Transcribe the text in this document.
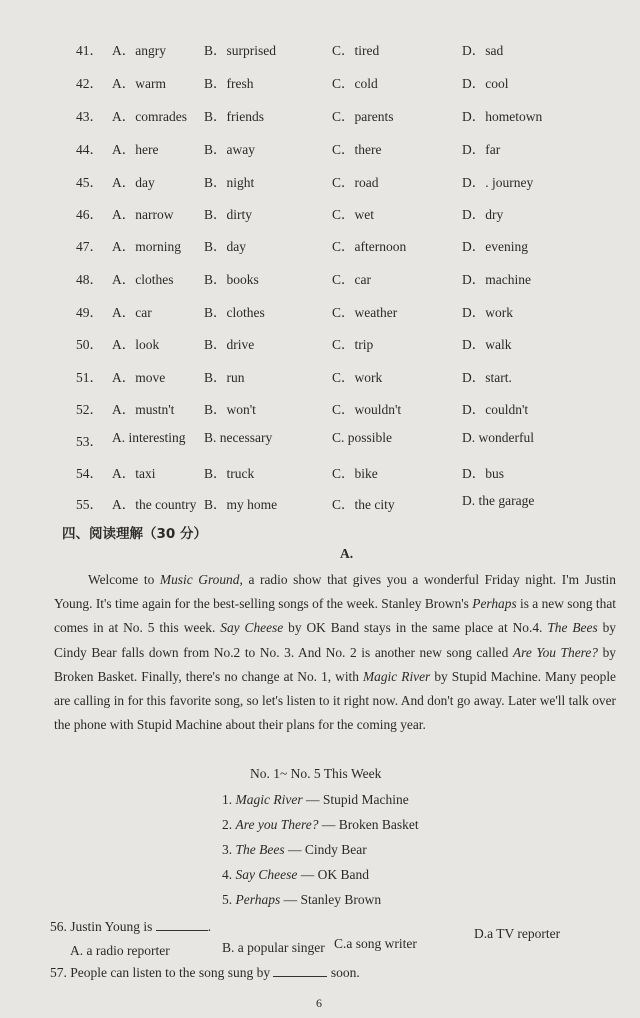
41． A．angry	B．surprised	C．tired	D．sad
42． A．warm	B．fresh	C．cold	D．cool
43． A．comrades B．friends	C．parents	D．hometown
44． A．here	B．away	C．there	D．far
45． A．day	B．night	C．road	D．. journey
46． A．narrow B．dirty	C．wet	D．dry
47． A．morning B．day	C．afternoon	D．evening
48． A．clothes B．books	C．car	D．machine
49． A．car	B．clothes	C．weather	D．work
50． A．look	B．drive	C．trip	D．walk
51． A．move	B．run	C．work	D．start.
52． A．mustn't B．won't	C．wouldn't	D．couldn't
53． A. interesting B. necessary	C. possible	D. wonderful
54． A．taxi	B．truck	C．bike	D．bus
55． A．the country B．my home	C．the city	D. the garage
四、阅读理解（30 分）
A.

Welcome to Music Ground, a radio show that gives you a wonderful Friday night. I'm Justin Young. It's time again for the best-selling songs of the week. Stanley Brown's Perhaps is a new song that comes in at No. 5 this week. Say Cheese by OK Band stays in the same place at No.4. The Bees by Cindy Bear falls down from No.2 to No. 3. And No. 2 is another new song called Are You There? by Broken Basket. Finally, there's no change at No. 1, with Magic River by Stupid Machine. Many people are calling in for this favorite song, so let's listen to it right now. And don't go away. Later we'll talk over the phone with Stupid Machine about their plans for the coming year.

No. 1~ No. 5 This Week
1. Magic River — Stupid Machine
2. Are you There? — Broken Basket
3. The Bees — Cindy Bear
4. Say Cheese — OK Band
5. Perhaps — Stanley Brown
56. Justin Young is	.
A. a radio reporter	B. a popular singer C.a song writer
D.a TV reporter
57. People can listen to the song sung by	soon.
6
